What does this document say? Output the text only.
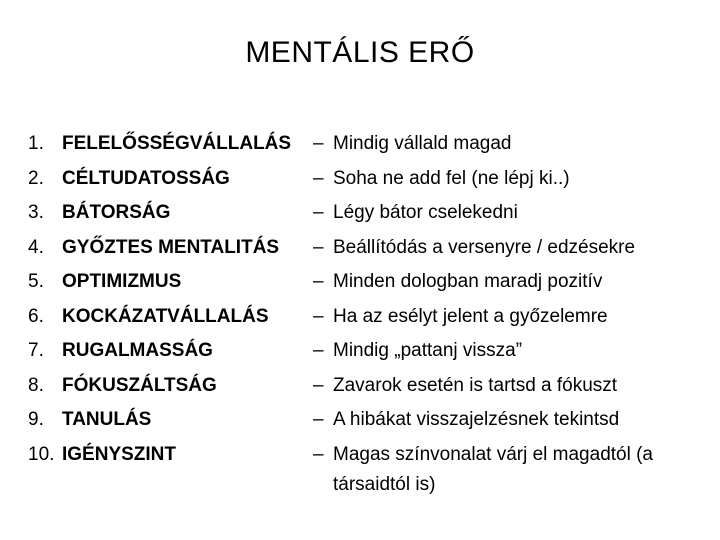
MENTÁLIS ERŐ
1. FELELŐSSÉGVÁLLALÁS
2. CÉLTUDATOSSÁG
3. BÁTORSÁG
4. GYŐZTES MENTALITÁS
5. OPTIMIZMUS
6. KOCKÁZATVÁLLALÁS
7. RUGALMASSÁG
8. FÓKUSZÁLTSÁG
9. TANULÁS
10. IGÉNYSZINT
– Mindig vállald magad
– Soha ne add fel (ne lépj ki..)
– Légy bátor cselekedni
– Beállítódás a versenyre / edzésekre
– Minden dologban maradj pozitív
– Ha az esélyt jelent a győzelemre
– Mindig „pattanj vissza”
– Zavarok esetén is tartsd a fókuszt
– A hibákat visszajelzésnek tekintsd
– Magas színvonalat várj el magadtól (a társaidtól is)
